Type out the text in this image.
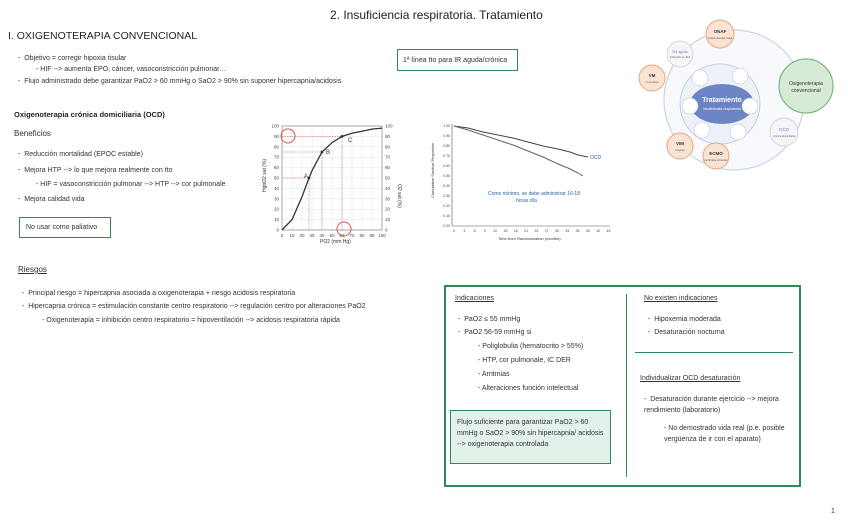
2. Insuficiencia respiratoria. Tratamiento
I. OXIGENOTERAPIA CONVENCIONAL
-  Objetivo = corregir hipoxia tisular
- HIF --> aumenta EPO, cáncer, vasoconstricción pulmonar…
-  Flujo administrado debe garantizar PaO2 > 60 mmHg o SaO2 > 90% sin suponer hipercapnia/acidosis
1ª línea tto para IR aguda/crónica
Oxigenoterapia crónica domiciliaria (OCD)
Beneficios
-  Reducción mortalidad (EPOC estable)
-  Mejora HTP --> lo que mejora realmente con tto
- HIF = vasoconstricción pulmonar --> HTP --> cor pulmonale
-  Mejora calidad vida
No usar como paliativo	0	0
0
10	10
10
20	20
20
30	30
30
40	40
40
50	50
50
60	60
60
70	70
70
80	80
80
90	90
90
100	100
100
HgbO2 sat (%)
O2 sat (%)
PO2 (mm Hg)
A
B
C
0.00
0.10
0.20
0.30
0.40
0.50
0.60
0.70
0.80
0.90
1.00
0 3 6 9 12 15 18 21 24 27 30 33 36 39 42 45
OCD
Como mínimo, se debe administrar 16-18
horas día
Cumulative Survival Proportion
Time from Randomization (months)
Tratamiento
insuficiencia respiratoria
Oxigenoterapia
convencional
VM agudo
Indicación en IRA
ONAF
Oxigenoterapia nasal
VM
no invasiva
OCD
crónica domiciliaria
VMI
invasiva
ECMO
membrana extracorp.
Riesgos
-  Principal riesgo = hipercapnia asociada a oxigenoterapia + riesgo acidosis respiratoria
-  Hipercapnia crónica = estimulación constante centro respiratorio --> regulación centro por alteraciones PaO2
- Oxigenoterapia = inhibición centro respiratorio = hipoventilación --> acidosis respiratoria rápida
Indicaciones
-  PaO2 ≤ 55 mmHg
-  PaO2 56-59 mmHg si
- Poliglobulia (hematocrito > 55%)
- HTP, cor pulmonale, IC DER
- Arritmias
- Alteraciones función intelectual
Flujo suficiente para garantizar PaO2 > 60 mmHg o SaO2 > 90% sin hipercapnia/ acidosis --> oxigenoterapia controlada
No existen indicaciones
-  Hipoxemia moderada
-  Desaturación nocturna
Individualizar OCD desaturación
-  Desaturación durante ejercicio --> mejora rendimiento (laboratorio)
- No demostrado vida real (p.e. posible vergüenza de ir con el aparato)
1
